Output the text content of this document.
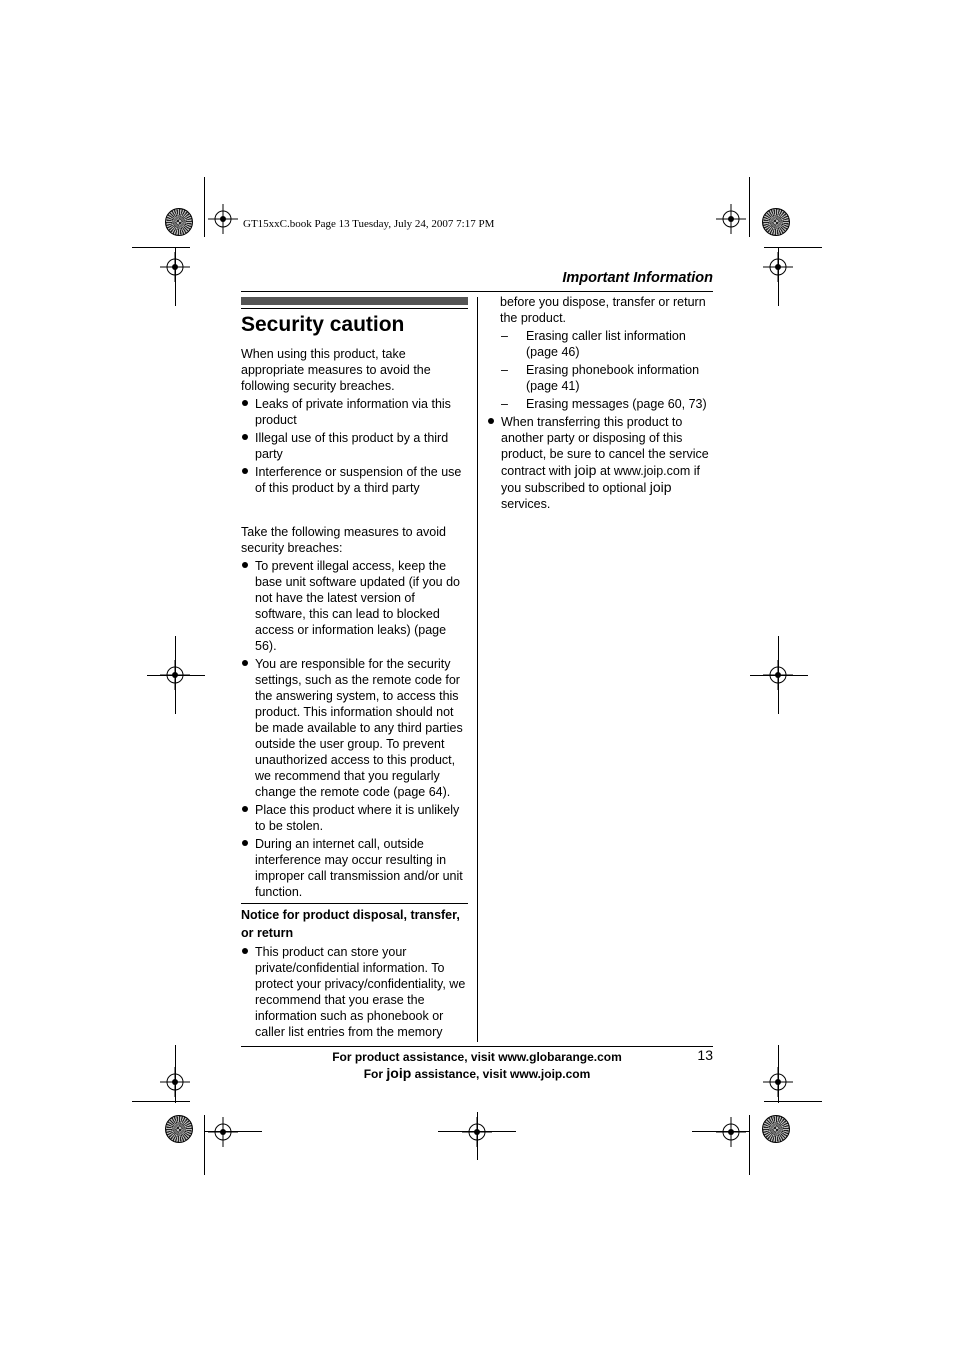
GT15xxC.book Page 13 Tuesday, July 24, 2007 7:17 PM
Important Information
Security caution

When using this product, take appropriate measures to avoid the following security breaches.

Leaks of private information via this product
Illegal use of this product by a third party
Interference or suspension of the use of this product by a third party

Take the following measures to avoid security breaches:

To prevent illegal access, keep the base unit software updated (if you do not have the latest version of software, this can lead to blocked access or information leaks) (page 56).
You are responsible for the security settings, such as the remote code for the answering system, to access this product. This information should not be made available to any third parties outside the user group. To prevent unauthorized access to this product, we recommend that you regularly change the remote code (page 64).
Place this product where it is unlikely to be stolen.
During an internet call, outside interference may occur resulting in improper call transmission and/or unit function.
Notice for product disposal, transfer, or return
This product can store your private/confidential information. To protect your privacy/confidentiality, we recommend that you erase the information such as phonebook or caller list entries from the memory

before you dispose, transfer or return the product.

–	Erasing caller list information (page 46)
–	Erasing phonebook information (page 41)
–	Erasing messages (page 60, 73)
When transferring this product to another party or disposing of this product, be sure to cancel the service contract with joip at www.joip.com if you subscribed to optional joip services.
For product assistance, visit www.globarange.com
For joip assistance, visit www.joip.com
13
